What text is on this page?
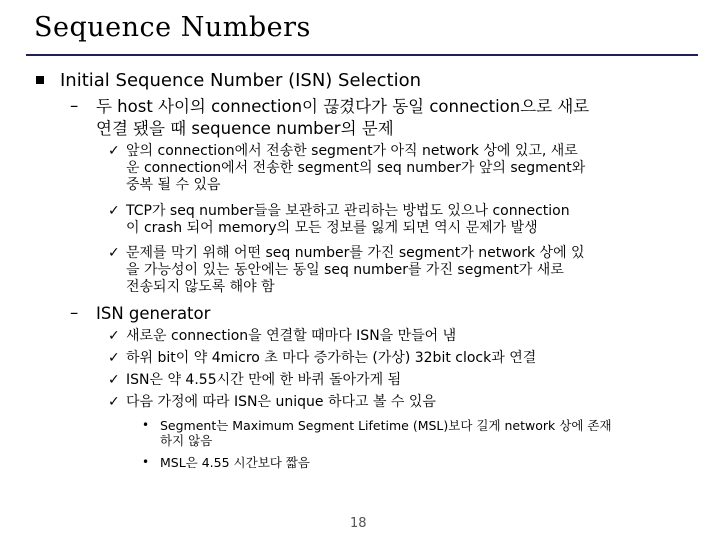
Sequence Numbers
Initial Sequence Number (ISN) Selection
– 두 host 사이의 connection이 끊겼다가 동일 connection으로 새로
연결 됐을 때 sequence number의 문제
✓ 앞의 connection에서 전송한 segment가 아직 network 상에 있고, 새로
운 connection에서 전송한 segment의 seq number가 앞의 segment와
중복 될 수 있음
✓ TCP가 seq number들을 보관하고 관리하는 방법도 있으나 connection
이 crash 되어 memory의 모든 정보를 잃게 되면 역시 문제가 발생
✓ 문제를 막기 위해 어떤 seq number를 가진 segment가 network 상에 있
을 가능성이 있는 동안에는 동일 seq number를 가진 segment가 새로
전송되지 않도록 해야 함
– ISN generator
✓ 새로운 connection을 연결할 때마다 ISN을 만들어 냄
✓ 하위 bit이 약 4micro 초 마다 증가하는 (가상) 32bit clock과 연결
✓ ISN은 약 4.55시간 만에 한 바퀴 돌아가게 됨
✓ 다음 가정에 따라 ISN은 unique 하다고 볼 수 있음
• Segment는 Maximum Segment Lifetime (MSL)보다 길게 network 상에 존재
하지 않음
• MSL은 4.55 시간보다 짧음
18
